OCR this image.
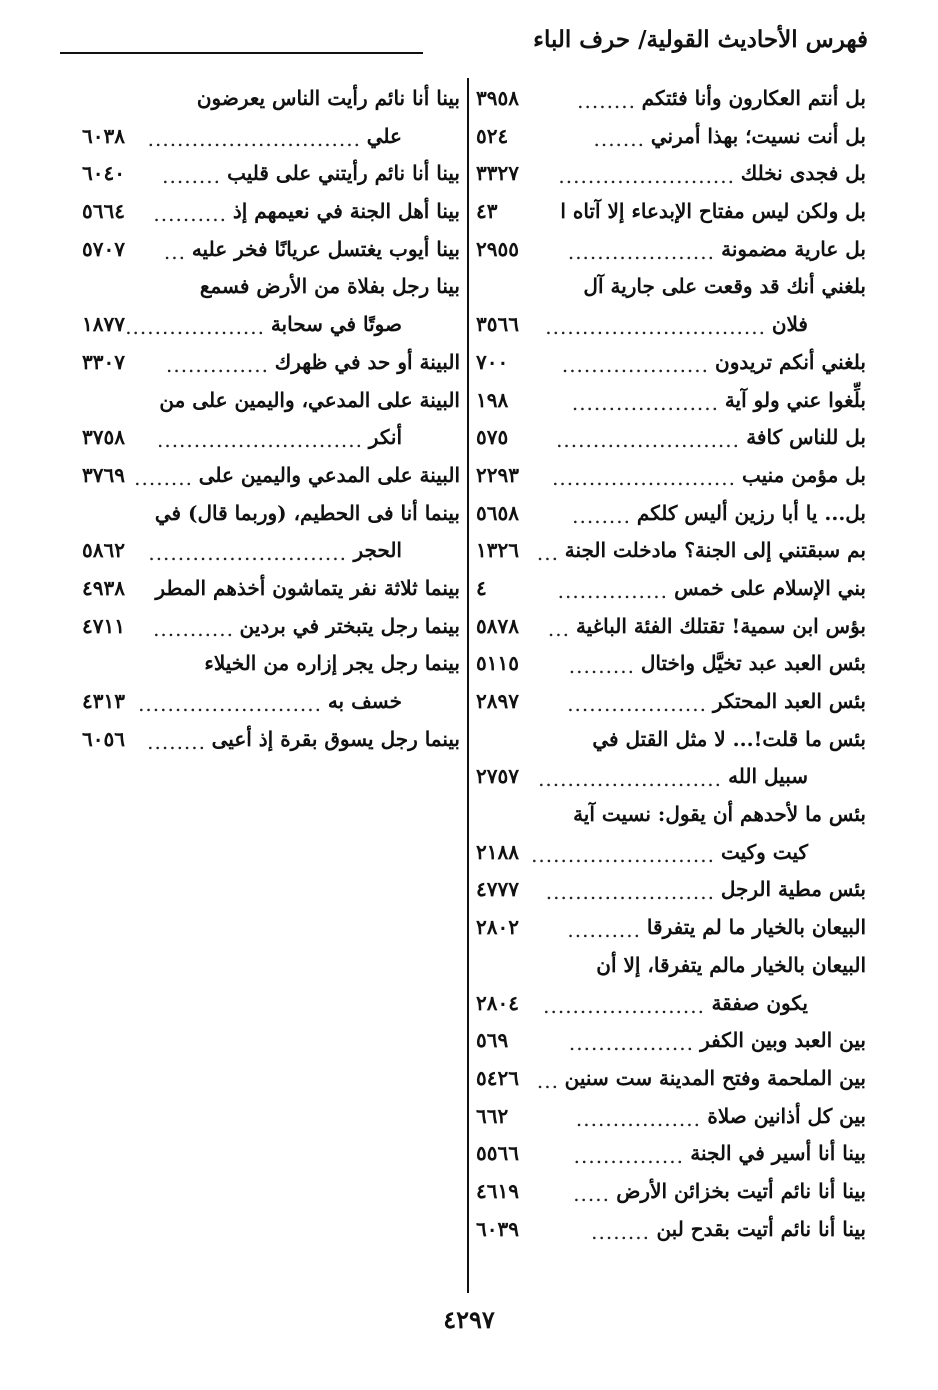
فهرس الأحاديث القولية/ حرف الباء
بل أنتم العكارون وأنا فئتكم
........
٣٩٥٨
بل أنت نسيت؛ بهذا أمرني
.......
٥٢٤
بل فجدى نخلك
........................
٣٣٢٧
بل ولكن ليس مفتاح الإبدعاء إلا آتاه ا
٤٣
بل عارية مضمونة
....................
٢٩٥٥
بلغني أنك قد وقعت على جارية آل
فلان
..............................
٣٥٦٦
بلغني أنكم تريدون
....................
٧٠٠
بلِّغوا عني ولو آية
....................
١٩٨
بل للناس كافة
.........................
٥٧٥
بل مؤمن منيب
.........................
٢٢٩٣
بل... يا أبا رزين أليس كلكم
........
٥٦٥٨
بم سبقتني إلى الجنة؟ مادخلت الجنة
...
١٣٢٦
بني الإسلام على خمس
...............
٤
بؤس ابن سمية! تقتلك الفئة الباغية
...
٥٨٧٨
بئس العبد عبد تخيَّل واختال
.........
٥١١٥
بئس العبد المحتكر
...................
٢٨٩٧
بئس ما قلت!... لا مثل القتل في
سبيل الله
.........................
٢٧٥٧
بئس ما لأحدهم أن يقول: نسيت آية
كيت وكيت
.........................
٢١٨٨
بئس مطية الرجل
.......................
٤٧٧٧
البيعان بالخيار ما لم يتفرقا
..........
٢٨٠٢
البيعان بالخيار مالم يتفرقا، إلا أن
يكون صفقة
......................
٢٨٠٤
بين العبد وبين الكفر
.................
٥٦٩
بين الملحمة وفتح المدينة ست سنين
...
٥٤٢٦
بين كل أذانين صلاة
.................
٦٦٢
بينا أنا أسير في الجنة
...............
٥٥٦٦
بينا أنا نائم أتيت بخزائن الأرض
.....
٤٦١٩
بينا أنا نائم أتيت بقدح لبن
........
٦٠٣٩
بينا أنا نائم رأيت الناس يعرضون
علي
.............................
٦٠٣٨
بينا أنا نائم رأيتني على قليب
........
٦٠٤٠
بينا أهل الجنة في نعيمهم إذ
..........
٥٦٦٤
بينا أيوب يغتسل عريانًا فخر عليه
...
٥٧٠٧
بينا رجل بفلاة من الأرض فسمع
صوتًا في سحابة
...................
١٨٧٧
البينة أو حد في ظهرك
..............
٣٣٠٧
البينة على المدعي، واليمين على من
أنكر
............................
٣٧٥٨
البينة على المدعي واليمين على
........
٣٧٦٩
بينما أنا فى الحطيم، (وربما قال) في
الحجر
...........................
٥٨٦٢
بينما ثلاثة نفر يتماشون أخذهم المطر
٤٩٣٨
بينما رجل يتبختر في بردين
...........
٤٧١١
بينما رجل يجر إزاره من الخيلاء
خسف به
.........................
٤٣١٣
بينما رجل يسوق بقرة إذ أعيى
........
٦٠٥٦
٤٢٩٧
